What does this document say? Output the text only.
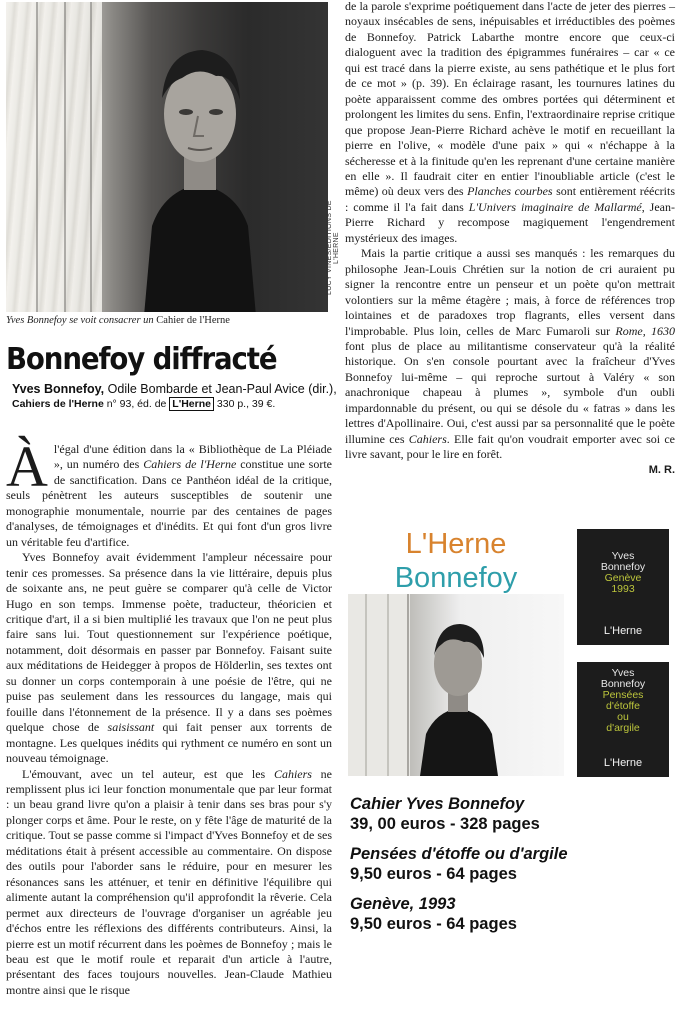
LUCY VINES/ÉDITIONS DE L'HERNE
Yves Bonnefoy se voit consacrer un Cahier de l'Herne
Bonnefoy diffracté
Yves Bonnefoy, Odile Bombarde et Jean-Paul Avice (dir.),
Cahiers de l'Herne n° 93, éd. de L'Herne 330 p., 39 €.

Àl'égal d'une édition dans la « Bibliothèque de La Pléiade », un numéro des Cahiers de l'Herne constitue une sorte de sanctification. Dans ce Panthéon idéal de la critique, seuls pénètrent les auteurs susceptibles de soutenir une monographie monumentale, nourrie par des centaines de pages d'analyses, de témoignages et d'inédits. Et qui font d'un gros livre un véritable feu d'artifice.

Yves Bonnefoy avait évidemment l'ampleur nécessaire pour tenir ces promesses. Sa présence dans la vie littéraire, depuis plus de soixante ans, ne peut guère se comparer qu'à celle de Victor Hugo en son temps. Immense poète, traducteur, théoricien et critique d'art, il a si bien multiplié les travaux que l'on ne peut plus faire sans lui. Tout questionnement sur l'expérience poétique, notamment, doit désormais en passer par Bonnefoy. Faisant suite aux méditations de Heidegger à propos de Hölderlin, ses textes ont su donner un corps contemporain à une poésie de l'être, qui ne puise pas seulement dans les ressources du langage, mais qui fouille dans l'étonnement de la présence. Il y a dans ses poèmes quelque chose de saisissant qui fait penser aux torrents de montagne. Les quelques inédits qui rythment ce numéro en sont un nouveau témoignage.

L'émouvant, avec un tel auteur, est que les Cahiers ne remplissent plus ici leur fonction monumentale que par leur format : un beau grand livre qu'on a plaisir à tenir dans ses bras pour s'y plonger corps et âme. Pour le reste, on y fête l'âge de maturité de la critique. Tout se passe comme si l'impact d'Yves Bonnefoy et de ses méditations était à présent accessible au commentaire. On dispose des outils pour l'aborder sans le réduire, pour en mesurer les résonances sans les atténuer, et tenir en définitive l'équilibre qui alimente autant la compréhension qu'il approfondit la rêverie. Cela permet aux directeurs de l'ouvrage d'organiser un agréable jeu d'échos entre les réflexions des différents contributeurs. Ainsi, la pierre est un motif récurrent dans les poèmes de Bonnefoy ; mais le beau est que le motif roule et reparait d'un article à l'autre, présentant des faces toujours nouvelles. Jean-Claude Mathieu montre ainsi que le risque

de la parole s'exprime poétiquement dans l'acte de jeter des pierres – noyaux insécables de sens, inépuisables et irréductibles des poèmes de Bonnefoy. Patrick Labarthe montre encore que ceux-ci dialoguent avec la tradition des épigrammes funéraires – car « ce qui est tracé dans la pierre existe, au sens pathétique et le plus fort de ce mot » (p. 39). En éclairage rasant, les tournures latines du poète apparaissent comme des ombres portées qui déterminent et prolongent les limites du sens. Enfin, l'extraordinaire reprise critique que propose Jean-Pierre Richard achève le motif en recueillant la pierre en l'olive, « modèle d'une paix » qui « n'échappe à la sécheresse et à la finitude qu'en les reprenant d'une certaine manière en elle ». Il faudrait citer en entier l'inoubliable article (c'est le même) où deux vers des Planches courbes sont entièrement réécrits : comme il l'a fait dans L'Univers imaginaire de Mallarmé, Jean-Pierre Richard y recompose magiquement l'engendrement mystérieux des images.

Mais la partie critique a aussi ses manqués : les remarques du philosophe Jean-Louis Chrétien sur la notion de cri auraient pu signer la rencontre entre un penseur et un poète qu'on mettrait volontiers sur la même étagère ; mais, à force de références trop lointaines et de paradoxes trop flagrants, elles versent dans l'improbable. Plus loin, celles de Marc Fumaroli sur Rome, 1630 font plus de place au militantisme conservateur qu'à la réalité historique. On s'en console pourtant avec la fraîcheur d'Yves Bonnefoy lui-même – qui reproche surtout à Valéry « son anachronique chapeau à plumes », symbole d'un oubli impardonnable du présent, ou qui se désole du « fatras » dans les lettres d'Apollinaire. Oui, c'est aussi par sa personnalité que le poète illumine ces Cahiers. Elle fait qu'on voudrait emporter avec soi ce livre savant, pour le lire en forêt.

M. R.

L'Herne
Bonnefoy
Yves
Bonnefoy
Genève
1993
L'Herne
Yves
Bonnefoy
Pensées
d'étoffe
ou
d'argile
L'Herne
Cahier Yves Bonnefoy
39, 00 euros - 328 pages
Pensées d'étoffe ou d'argile
9,50 euros - 64 pages
Genève, 1993
9,50 euros - 64 pages
